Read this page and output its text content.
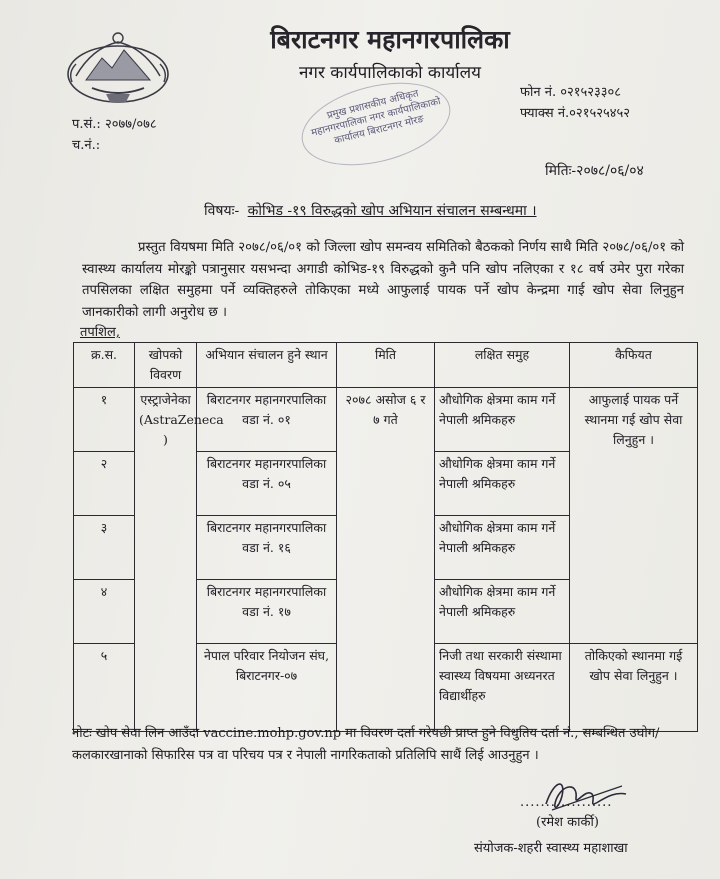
बिराटनगर महानगरपालिका
नगर कार्यपालिकाको कार्यालय
फोन नं. ०२१५२३३०८
फ्याक्स नं.०२१५२५४५२
प.सं.: २०७७/०७८
च.नं.:
प्रमुख प्रशासकीय अधिकृत महानगरपालिका नगर कार्यपालिकाको कार्यालय बिराटनगर मोरङ
मितिः-२०७८/०६/०४
विषयः- कोभिड -१९ विरुद्धको खोप अभियान संचालन सम्बन्धमा ।
प्रस्तुत वियषमा मिति २०७८/०६/०१ को जिल्ला खोप समन्वय समितिको बैठकको निर्णय साथै मिति २०७८/०६/०१ को स्वास्थ्य कार्यालय मोरङ्को पत्रानुसार यसभन्दा अगाडी कोभिड-१९ विरुद्धको कुनै पनि खोप नलिएका र १८ वर्ष उमेर पुरा गरेका तपसिलका लक्षित समुहमा पर्ने व्यक्तिहरुले तोकिएका मध्ये आफुलाई पायक पर्ने खोप केन्द्रमा गाई खोप सेवा लिनुहुन जानकारीको लागी अनुरोध छ ।
तपशिल,
क्र.स.	खोपको विवरण	अभियान संचालन हुने स्थान	मिति	लक्षित समुह	कैफियत
१	एस्ट्राजेनेका (AstraZeneca )	बिराटनगर महानगरपालिका वडा नं. ०१	२०७८ असोज ६ र ७ गते	औधोगिक क्षेत्रमा काम गर्ने नेपाली श्रमिकहरु	आफुलाई पायक पर्ने स्थानमा गई खोप सेवा लिनुहुन ।
२		बिराटनगर महानगरपालिका वडा नं. ०५		औधोगिक क्षेत्रमा काम गर्ने नेपाली श्रमिकहरु	
३		बिराटनगर महानगरपालिका वडा नं. १६		औधोगिक क्षेत्रमा काम गर्ने नेपाली श्रमिकहरु	
४		बिराटनगर महानगरपालिका वडा नं. १७		औधोगिक क्षेत्रमा काम गर्ने नेपाली श्रमिकहरु	
५		नेपाल परिवार नियोजन संघ, बिराटनगर-०७		निजी तथा सरकारी संस्थामा स्वास्थ्य विषयमा अध्यनरत विद्यार्थीहरु	तोकिएको स्थानमा गई खोप सेवा लिनुहुन ।
नोटः खोप सेवा लिन आउँदा vaccine.mohp.gov.np मा विवरण दर्ता गरेपछी प्राप्त हुने विधुतिय दर्ता नं., सम्बन्धित उघोग/कलकारखानाको सिफारिस पत्र वा परिचय पत्र र नेपाली नागरिकताको प्रतिलिपि साथैं लिई आउनुहुन ।
..................
(रमेश कार्की)
संयोजक-शहरी स्वास्थ्य महाशाखा
